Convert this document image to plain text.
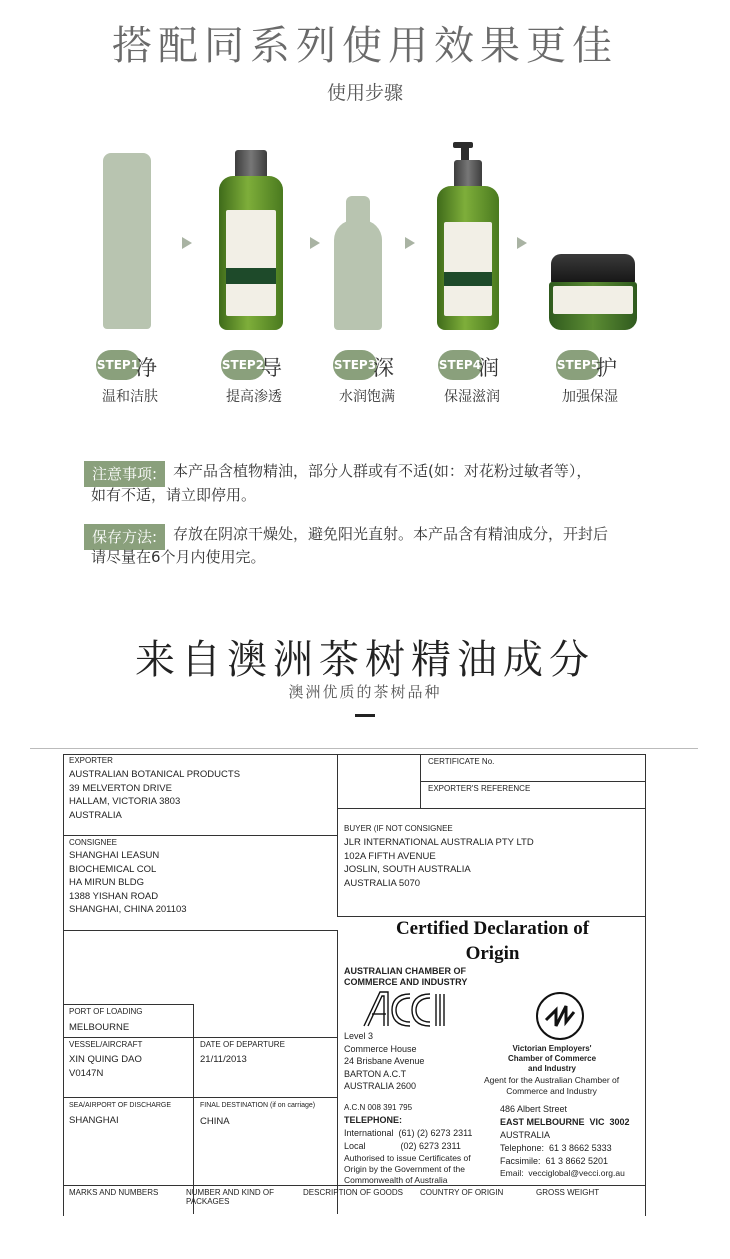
搭配同系列使用效果更佳
使用步骤
STEP1
净
温和洁肤
STEP2
导
提高渗透
STEP3
深
水润饱满
STEP4
润
保湿滋润
STEP5
护
加强保湿
注意事项:	本产品含植物精油，部分人群或有不适(如：对花粉过敏者等），
如有不适，请立即停用。
保存方法:	存放在阴凉干燥处，避免阳光直射。本产品含有精油成分，开封后
请尽量在6个月内使用完。
来自澳洲茶树精油成分
澳洲优质的茶树品种
EXPORTER
AUSTRALIAN BOTANICAL PRODUCTS
39 MELVERTON DRIVE
HALLAM, VICTORIA 3803
AUSTRALIA
CERTIFICATE No.
EXPORTER'S REFERENCE
CONSIGNEE
SHANGHAI LEASUN
BIOCHEMICAL COL
HA MIRUN BLDG
1388 YISHAN ROAD
SHANGHAI, CHINA 201103
BUYER (IF NOT CONSIGNEE
JLR INTERNATIONAL AUSTRALIA PTY LTD
102A FIFTH AVENUE
JOSLIN, SOUTH AUSTRALIA
AUSTRALIA 5070
Certified Declaration of
Origin
AUSTRALIAN CHAMBER OF
COMMERCE AND INDUSTRY
Level 3
Commerce House
24 Brisbane Avenue
BARTON A.C.T
AUSTRALIA 2600
A.C.N 008 391 795
TELEPHONE:
International  (61) (2) 6273 2311
Local              (02) 6273 2311
Authorised to issue Certificates of
Origin by the Government of the
Commonwealth of Australia
Victorian Employers'
Chamber of Commerce
and Industry
Agent for the Australian Chamber of
Commerce and Industry
486 Albert Street
EAST MELBOURNE  VIC  3002
AUSTRALIA
Telephone:  61 3 8662 5333
Facsimile:  61 3 8662 5201
Email:  vecciglobal@vecci.org.au
PORT OF LOADING
MELBOURNE
VESSEL/AIRCRAFT
XIN QUING DAO
V0147N
DATE OF DEPARTURE
21/11/2013
SEA/AIRPORT OF DISCHARGE
SHANGHAI
FINAL DESTINATION (if on carriage)
CHINA
MARKS AND NUMBERS	NUMBER AND KIND OF
PACKAGES
DESCRIPTION OF GOODS COUNTRY OF ORIGIN	GROSS WEIGHT
